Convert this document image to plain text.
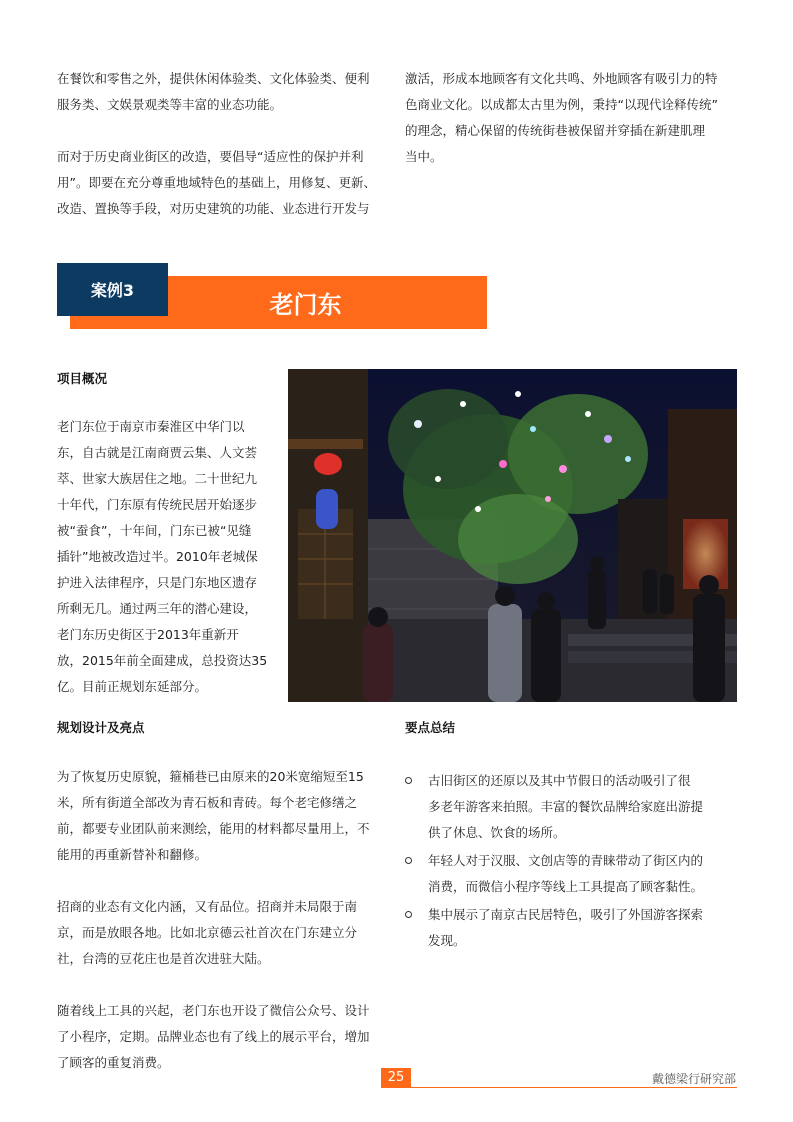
在餐饮和零售之外，提供休闲体验类、文化体验类、便利

服务类、文娱景观类等丰富的业态功能。

而对于历史商业街区的改造，要倡导“适应性的保护并利

用”。即要在充分尊重地域特色的基础上，用修复、更新、

改造、置换等手段，对历史建筑的功能、业态进行开发与

激活，形成本地顾客有文化共鸣、外地顾客有吸引力的特

色商业文化。以成都太古里为例，秉持“以现代诠释传统”

的理念，精心保留的传统街巷被保留并穿插在新建肌理

当中。

案例3
老门东
项目概况

老门东位于南京市秦淮区中华门以

东，自古就是江南商贾云集、人文荟

萃、世家大族居住之地。二十世纪九

十年代，门东原有传统民居开始逐步

被“蚕食”，十年间，门东已被“见缝

插针”地被改造过半。2010年老城保

护进入法律程序，只是门东地区遗存

所剩无几。通过两三年的潜心建设，

老门东历史街区于2013年重新开

放，2015年前全面建成，总投资达35

亿。目前正规划东延部分。

规划设计及亮点

为了恢复历史原貌，箍桶巷已由原来的20米宽缩短至15

米，所有街道全部改为青石板和青砖。每个老宅修缮之

前，都要专业团队前来测绘，能用的材料都尽量用上，不

能用的再重新替补和翻修。

招商的业态有文化内涵，又有品位。招商并未局限于南

京，而是放眼各地。比如北京德云社首次在门东建立分

社，台湾的豆花庄也是首次进驻大陆。

随着线上工具的兴起，老门东也开设了微信公众号、设计

了小程序，定期。品牌业态也有了线上的展示平台，增加

了顾客的重复消费。

要点总结
古旧街区的还原以及其中节假日的活动吸引了很
多老年游客来拍照。丰富的餐饮品牌给家庭出游提
供了休息、饮食的场所。
年轻人对于汉服、文创店等的青睐带动了街区内的
消费，而微信小程序等线上工具提高了顾客黏性。
集中展示了南京古民居特色，吸引了外国游客探索
发现。
25	戴德梁行研究部
